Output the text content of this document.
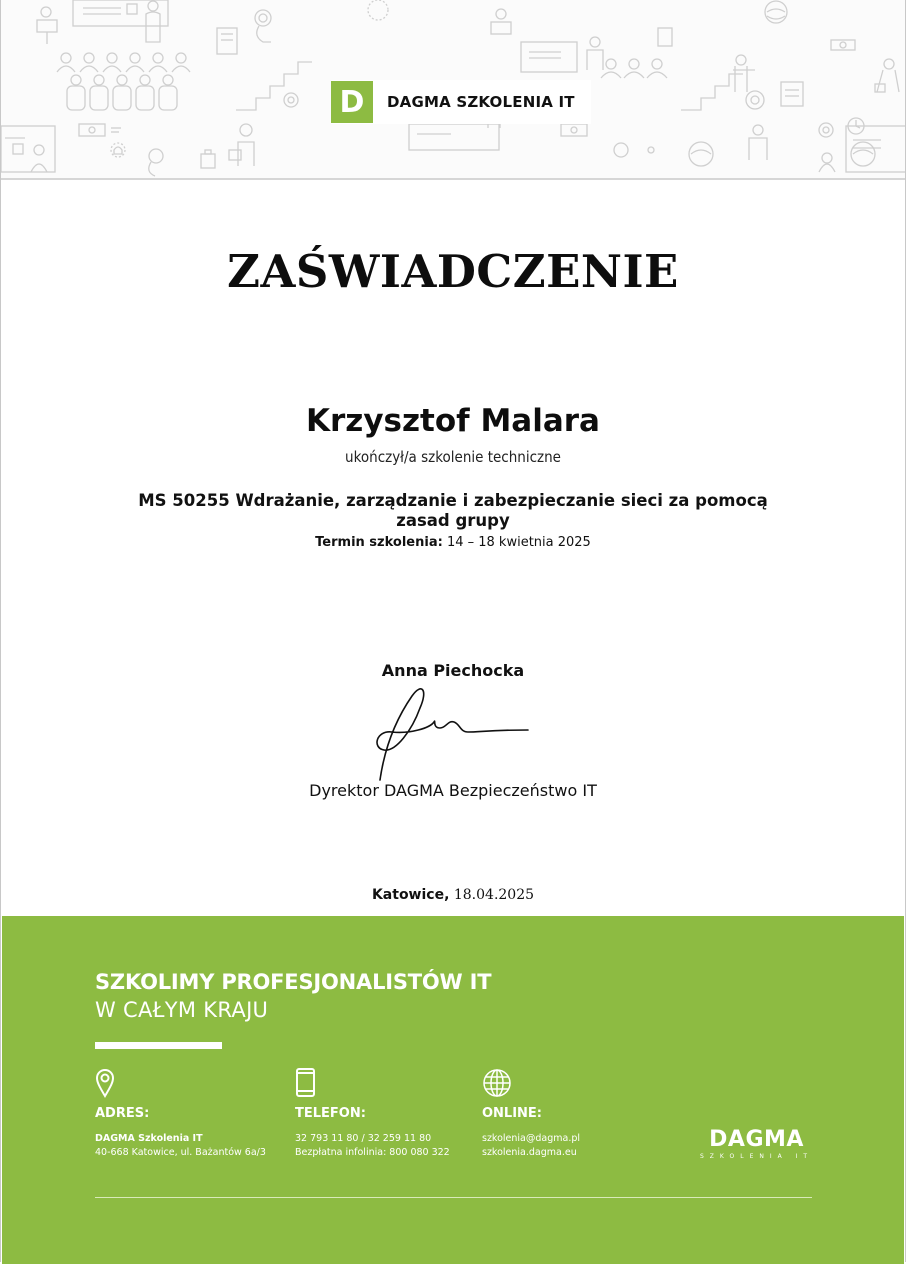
D	DAGMA SZKOLENIA IT
ZAŚWIADCZENIE
Krzysztof Malara
ukończył/a szkolenie techniczne
MS 50255 Wdrażanie, zarządzanie i zabezpieczanie sieci za pomocą
zasad grupy
Termin szkolenia: 14 – 18 kwietnia 2025
Anna Piechocka
Dyrektor DAGMA Bezpieczeństwo IT
Katowice, 18.04.2025
SZKOLIMY PROFESJONALISTÓW IT
W CAŁYM KRAJU
ADRES:
DAGMA Szkolenia IT
40-668 Katowice, ul. Bażantów 6a/3
TELEFON:
32 793 11 80 / 32 259 11 80
Bezpłatna infolinia: 800 080 322
ONLINE:
szkolenia@dagma.pl
szkolenia.dagma.eu
DAGMA
SZKOLENIA IT
